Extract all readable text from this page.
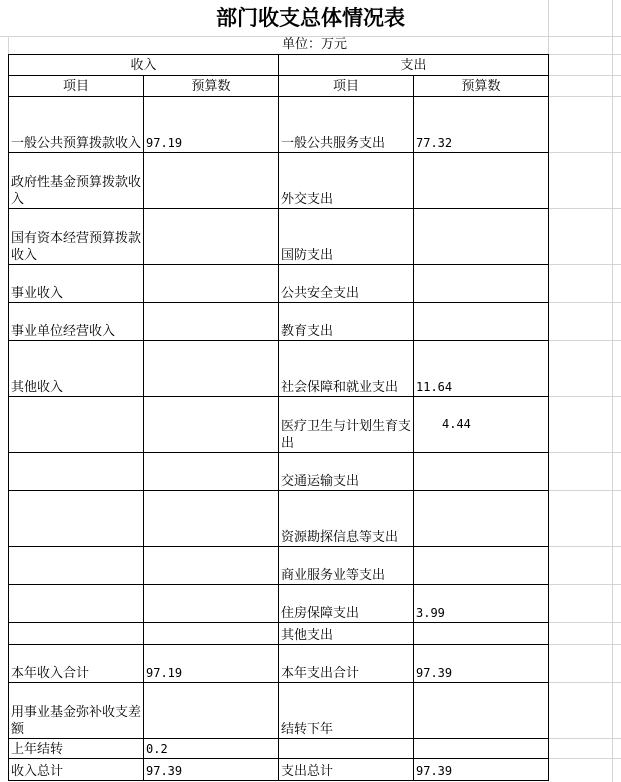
部门收支总体情况表
单位：万元
收入		支出	
项目	预算数	项目	预算数
一般公共预算拨款收入	97.19	一般公共服务支出	77.32
政府性基金预算拨款收入		外交支出	
国有资本经营预算拨款收入		国防支出	
事业收入		公共安全支出	
事业单位经营收入		教育支出	
其他收入		社会保障和就业支出	11.64
		医疗卫生与计划生育支出	4.44
		交通运输支出	
		资源勘探信息等支出	
		商业服务业等支出	
		住房保障支出	3.99
		其他支出	
本年收入合计	97.19	本年支出合计	97.39
用事业基金弥补收支差额		结转下年	
上年结转	0.2		
收入总计	97.39	支出总计	97.39
